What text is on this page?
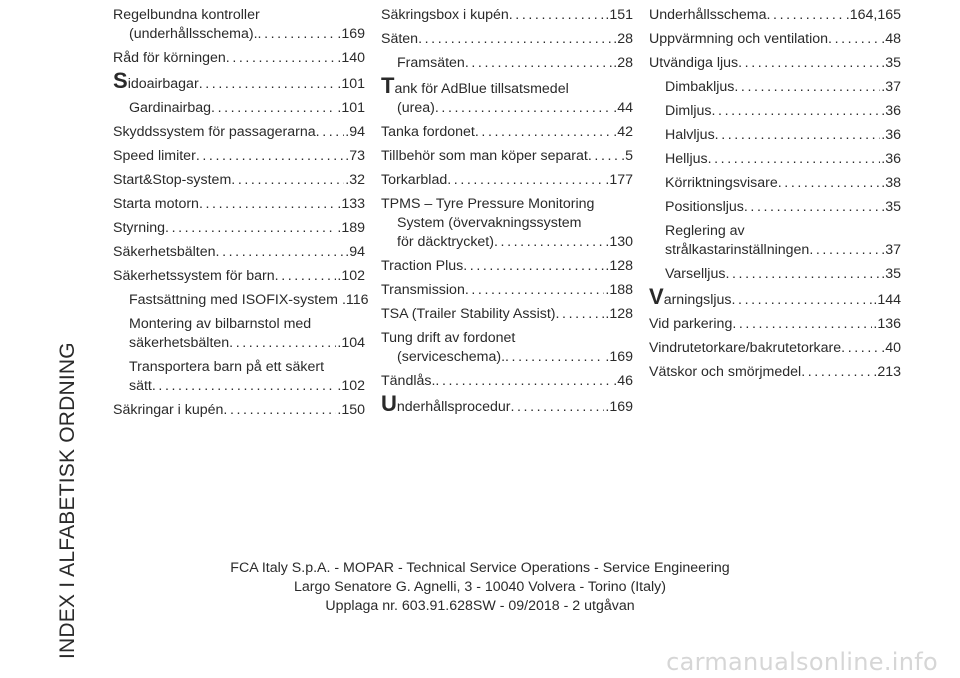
INDEX I ALFABETISK ORDNING
Regelbundna kontroller
(underhållsschema). .....	.169
Råd för körningen .....	.140
Sidoairbagar .....	.101
Gardinairbag .....	.101
Skyddssystem för passagerarna ..... .94
Speed limiter .....	.73
Start&Stop-system .....	.32
Starta motorn .....	.133
Styrning .....	.189
Säkerhetsbälten .....	.94
Säkerhetssystem för barn .....	.102
Fastsättning med ISOFIX-system .116
Montering av bilbarnstol med
säkerhetsbälten .....	.104
Transportera barn på ett säkert
sätt .....	.102
Säkringar i kupén .....	.150
Säkringsbox i kupén .....	.151
Säten .....	.28
Framsäten .....	.28
Tank för AdBlue tillsatsmedel
(urea) .....	.44
Tanka fordonet .....	.42
Tillbehör som man köper separat ..... .5
Torkarblad .....	.177
TPMS – Tyre Pressure Monitoring
System (övervakningssystem
för däcktrycket) .....	.130
Traction Plus .....	.128
Transmission .....	.188
TSA (Trailer Stability Assist) .....	.128
Tung drift av fordonet
(serviceschema). .....	.169
Tändlås. .....	.46
Underhållsprocedur .....	.169
Underhållsschema .....	.164,165
Uppvärmning och ventilation .....	.48
Utvändiga ljus .....	.35
Dimbakljus .....	.37
Dimljus .....	.36
Halvljus .....	.36
Helljus .....	.36
Körriktningsvisare .....	.38
Positionsljus .....	.35
Reglering av
strålkastarinställningen .....	.37
Varselljus .....	.35
Varningsljus .....	.144
Vid parkering .....	.136
Vindrutetorkare/bakrutetorkare .....	.40
Vätskor och smörjmedel .....	.213
FCA Italy S.p.A. - MOPAR - Technical Service Operations - Service Engineering
Largo Senatore G. Agnelli, 3 - 10040 Volvera - Torino (Italy)
Upplaga nr. 603.91.628SW - 09/2018 - 2 utgåvan
carmanualsonline.info
